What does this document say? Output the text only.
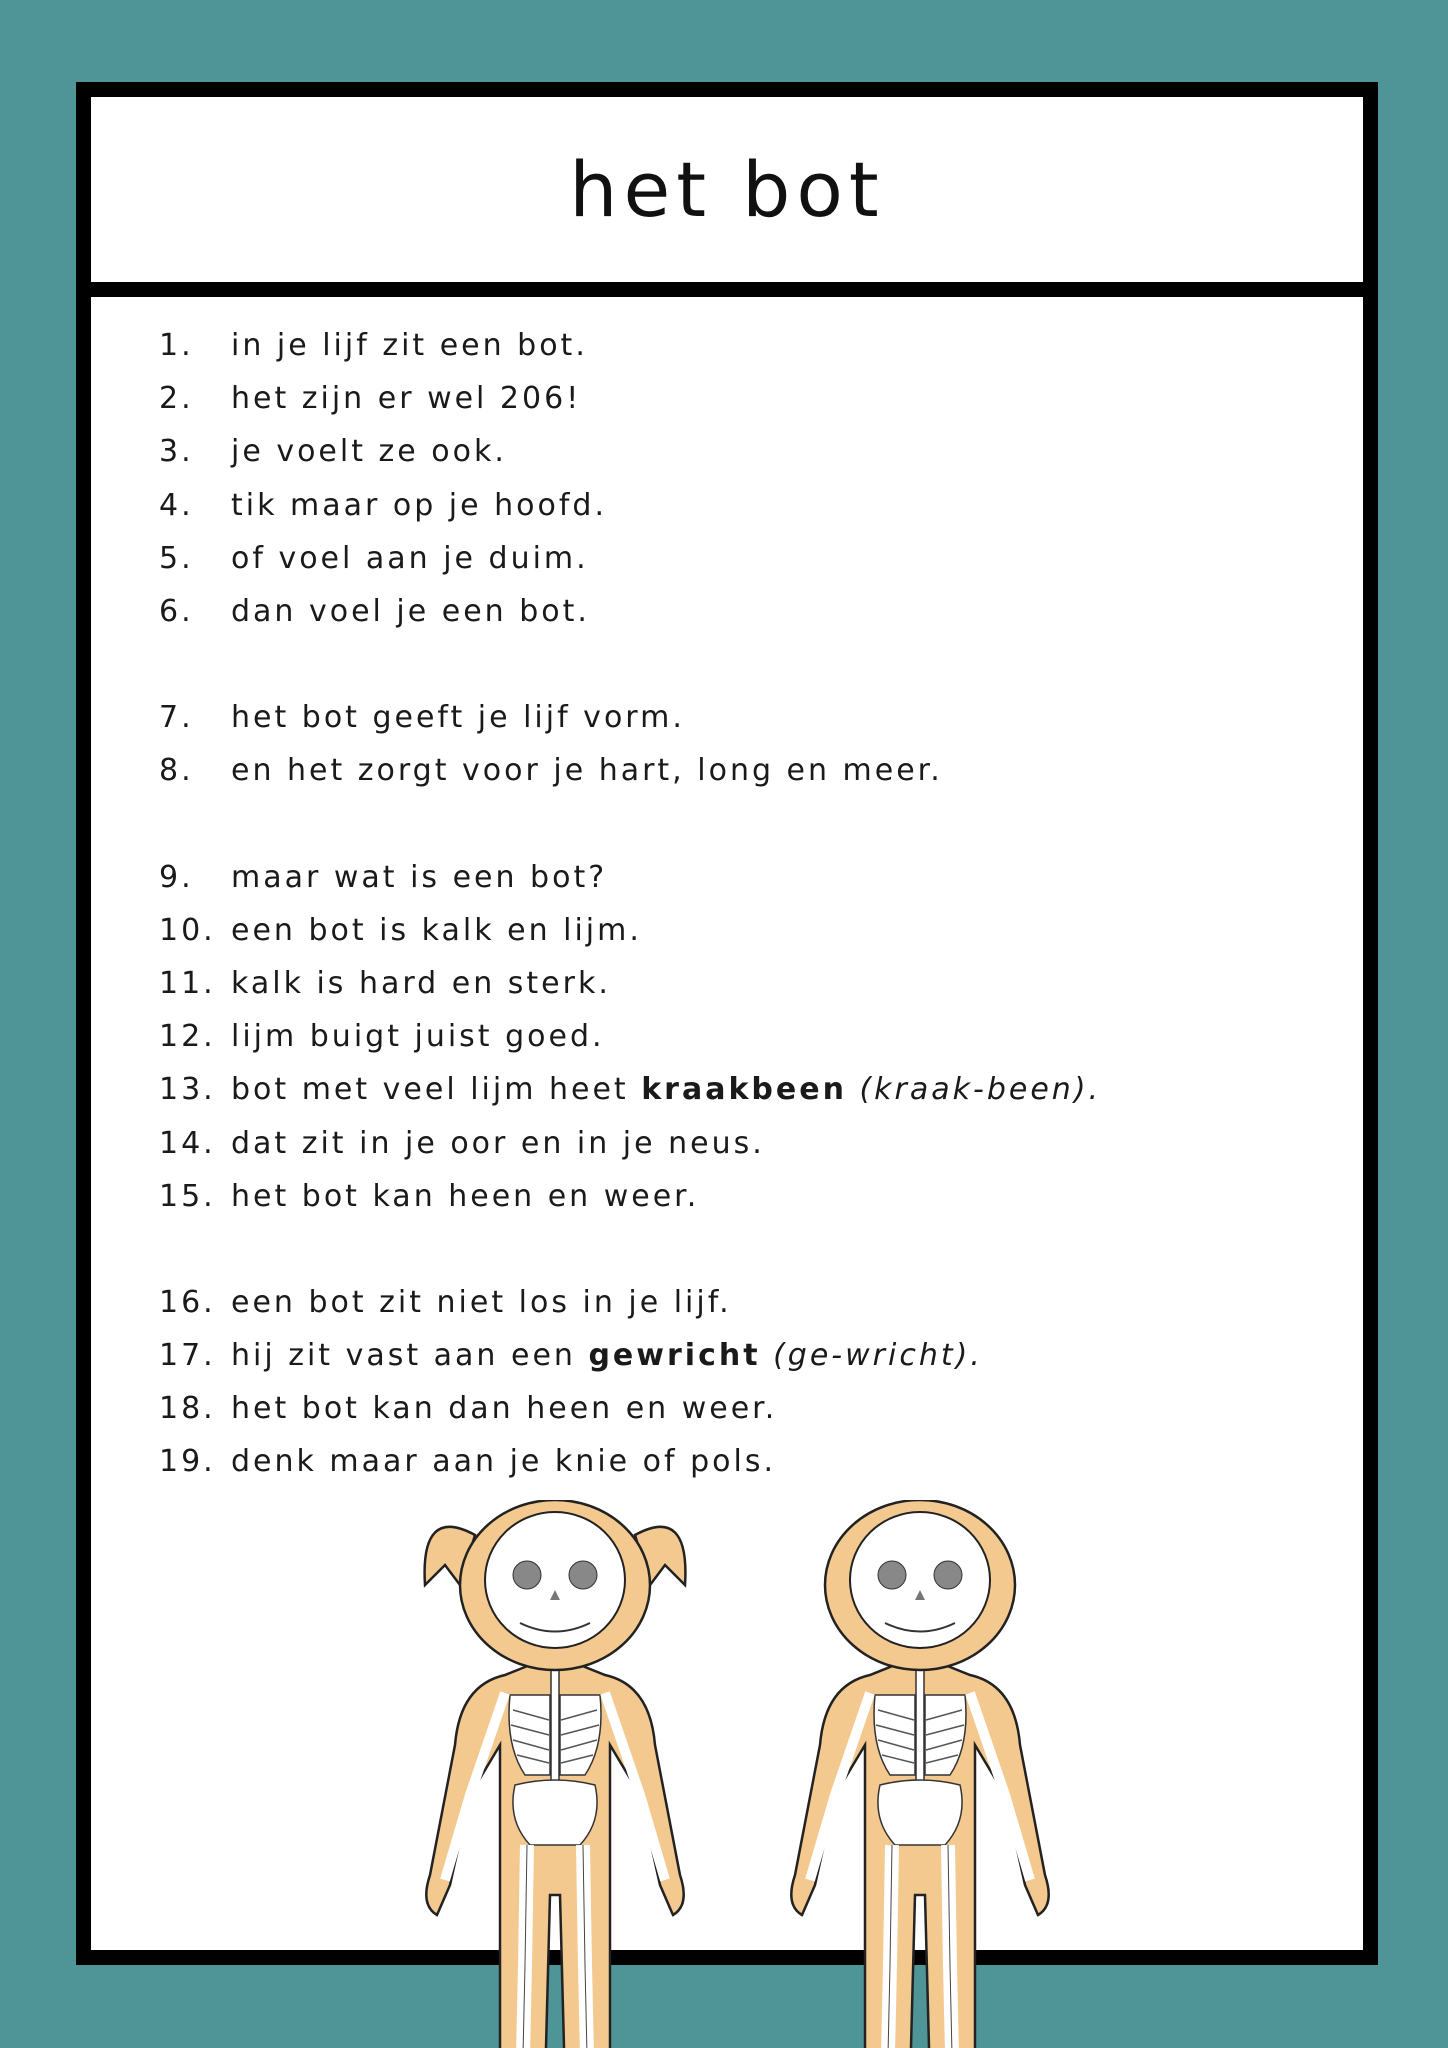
het bot
1.	in je lijf zit een bot.
2.	het zijn er wel 206!
3.	je voelt ze ook.
4.	tik maar op je hoofd.
5.	of voel aan je duim.
6.	dan voel je een bot.
7.	het bot geeft je lijf vorm.
8.	en het zorgt voor je hart, long en meer.
9.	maar wat is een bot?
10. een bot is kalk en lijm.
11. kalk is hard en sterk.
12. lijm buigt juist goed.
13. bot met veel lijm heet kraakbeen (kraak-been).
14. dat zit in je oor en in je neus.
15. het bot kan heen en weer.
16. een bot zit niet los in je lijf.
17. hij zit vast aan een gewricht (ge-wricht).
18. het bot kan dan heen en weer.
19. denk maar aan je knie of pols.
